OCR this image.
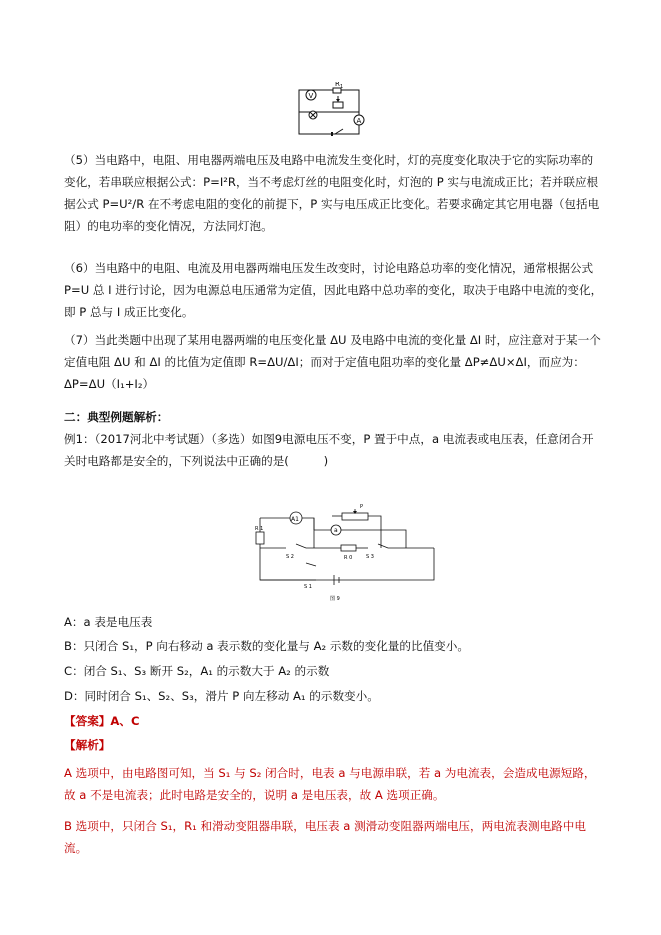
V
R 1
A

（5）当电路中，电阻、用电器两端电压及电路中电流发生变化时，灯的亮度变化取决于它的实际功率的变化，若串联应根据公式：P=I²R，当不考虑灯丝的电阻变化时，灯泡的 P 实与电流成正比；若并联应根据公式 P=U²/R 在不考虑电阻的变化的前提下，P 实与电压成正比变化。若要求确定其它用电器（包括电阻）的电功率的变化情况，方法同灯泡。

（6）当电路中的电阻、电流及用电器两端电压发生改变时，讨论电路总功率的变化情况，通常根据公式 P=U 总 I 进行讨论，因为电源总电压通常为定值，因此电路中总功率的变化，取决于电路中电流的变化，即 P 总与 I 成正比变化。

（7）当此类题中出现了某用电器两端的电压变化量 ΔU 及电路中电流的变化量 ΔI 时，应注意对于某一个定值电阻 ΔU 和 ΔI 的比值为定值即 R=ΔU/ΔI；而对于定值电阻功率的变化量 ΔP≠ΔU×ΔI，而应为：ΔP=ΔU（I₁+I₂）

二：典型例题解析：

例1：（2017河北中考试题）（多选）如图9电源电压不变，P 置于中点，a 电流表或电压表，任意闭合开关时电路都是安全的，下列说法中正确的是(　　　)

A1
a
P
R 1
R 0
S 2	S 3
S 1
图 9

A：a 表是电压表

B：只闭合 S₁，P 向右移动 a 表示数的变化量与 A₂ 示数的变化量的比值变小。

C：闭合 S₁、S₃ 断开 S₂，A₁ 的示数大于 A₂ 的示数

D：同时闭合 S₁、S₂、S₃，滑片 P 向左移动 A₁ 的示数变小。

【答案】A、C

【解析】

A 选项中，由电路图可知，当 S₁ 与 S₂ 闭合时，电表 a 与电源串联，若 a 为电流表，会造成电源短路，故 a 不是电流表；此时电路是安全的，说明 a 是电压表，故 A 选项正确。

B 选项中，只闭合 S₁，R₁ 和滑动变阻器串联，电压表 a 测滑动变阻器两端电压，两电流表测电路中电流。
